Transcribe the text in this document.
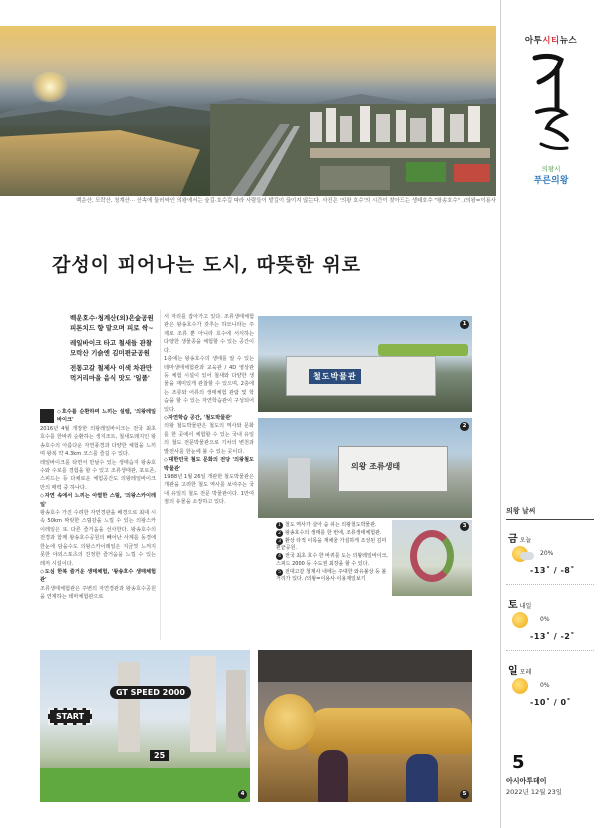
백운산, 모락산, 청계산··· 산속에 둘러싸인 의왕에서는 숲길·호수길 따라 사람들이 발길이 끊이지 않는다. 사진은 '의왕 호수'의 시간이 찾아드는 생태호수 "왕송호수". /의왕=이용사
감성이 피어나는 도시, 따뜻한 위로
백운호수·청계산(외)은숲공원
피톤치드 향 맡으며 피로 싹~
레일바이크 타고 철새들 관찰
모락산 기슭엔 김미편균공원
전통고갈 철제사 이색 차관만
먹거리마을 음식 맛도 '일품'
◇호수를 순환하며 느끼는 설렘, '의왕레일바이크'

2016년 4월 개장한 의왕레일바이크는 전국 최초 호수를 한바퀴 순환하는 생지조트, 철새도래지인 왕송호수의 아름다운 자연풍경과 다양한 체험을 느끼며 왕복 약 4.3km 코스를 즐길 수 있다.

레일바이크를 타면서 만날수 있는 생태습지 왕송호수와 수로를 경험을 할 수 있고 조류생태관, 포토존, 스피드는 등 다채로운 체험공간도 의왕레일바이크만의 매력 중 하나다.

◇자연 속에서 느끼는 아찔한 스릴, '의왕스카이레일'

왕송호수 가진 수려한 자연경관을 배경으로 최대 시속 50km 짜릿한 스릴감을 느낄 수 있는 의왕스카이레일은 또 다른 즐거움을 선사한다. 왕송호수의 전경과 함께 왕송호수공원의 빼어난 사계를 동경에 한눈에 담을수도 의왕스카이레일은 지금껏 느껴지 못한 야외스포츠의 진정한 즐거움을 느낄 수 있는 레저 시설이다.

◇도심 한복 즐거운 생태체험, '왕송호수 생태체험관'

조류생태체험관은 주변의 자연경관과 왕송호수공원을 연계하는 테마체험관으로

서 자리를 잡아가고 있다. 조류생태체험관은 왕송호수가 갖추는 하모니라는 주제로 조류 뿐 아니라 호수에 서식하는 다양한 생물종을 체험할 수 있는 공간이다.

1층에는 왕송호수의 생태를 알 수 있는 테마생태체험관과 교육관 / 4D 영상관 등 체험 시설이 있어 철새와 다양한 생물을 재미있게 관찰할 수 있으며, 2층에는 조류와 어류의 생태체험 관람 및 학습을 할 수 있는 자연학습관이 구성되어 있다.

◇자연학습 공간, '철도박물관'

의왕 철도박물관은 철도의 역사와 문화를 한 곳에서 체험할 수 있는 국내 유일의 철도 전문박물관으로 기차의 변천과 발전사를 한눈에 볼 수 있는 곳이다.

◇대한민국 철도 문화의 전당 '의왕철도박물관'

1988년 1월 26일 개관한 철도박물관은 개관을 고려한 철도 역사를 보여주는 국내 유일의 철도 전문 박물관이다. 1만여 점의 유물을 소장하고 있다.

철도박물관
1
의왕 조류생태
2
1 철도 역사가 살아 숨 쉬는 의왕철도박물관.
2 왕송호수의 생태를 한 번에, 조류생태체험관.
3 환상 타적 이목을 재채울 가설하게 조성된 김미편균공원.
4 전국 최초 호수 한 바퀴를 도는 의왕레일바이크, 스피드 2000 등 수도권 최장을 할 수 있다.
5 전대고갈 청제사 내에는 주대한 와유불상 등 볼 거리가 있다. /의왕=이용사·이용제일보기
3
GT SPEED 2000
START
25
4	5
아투시티뉴스
의왕시
푸른의왕
의왕 날씨
금오늘
20%
-13˚ / -8˚
토내일
0%
-13˚ / -2˚
일모레
0%
-10˚ / 0˚
5
아시아투데이
2022년 12월 23일
